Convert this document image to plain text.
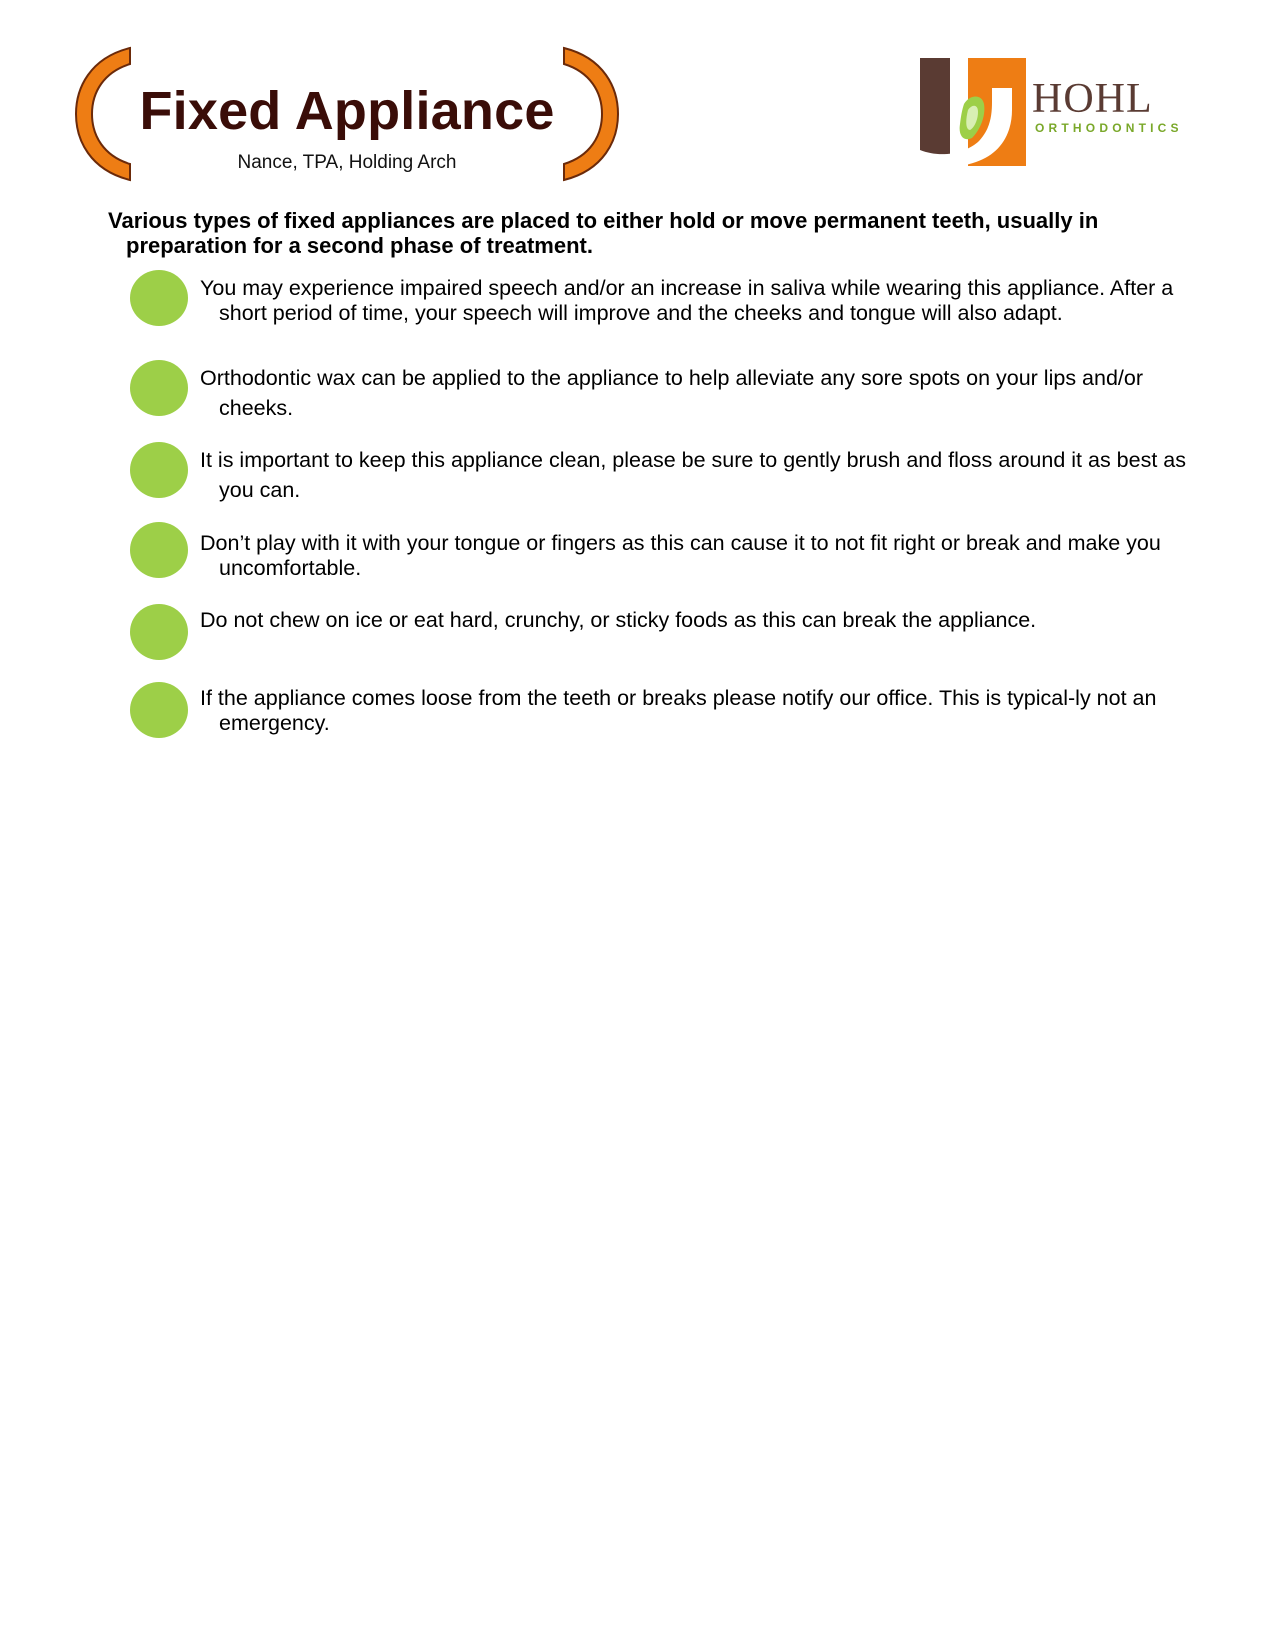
Fixed Appliance
Nance, TPA, Holding Arch
HOHL
ORTHODONTICS
Various types of fixed appliances are placed to either hold or move permanent teeth, usually in preparation for a second phase of treatment.
You may experience impaired speech and/or an increase in saliva while wearing this appliance. After a short period of time, your speech will improve and the cheeks and tongue will also adapt.
Orthodontic wax can be applied to the appliance to help alleviate any sore spots on your lips and/or cheeks.
It is important to keep this appliance clean, please be sure to gently brush and floss around it as best as you can.
Don’t play with it with your tongue or fingers as this can cause it to not fit right or break and make you uncomfortable.
Do not chew on ice or eat hard, crunchy, or sticky foods as this can break the appliance.
If the appliance comes loose from the teeth or breaks please notify our office. This is typical-ly not an emergency.
